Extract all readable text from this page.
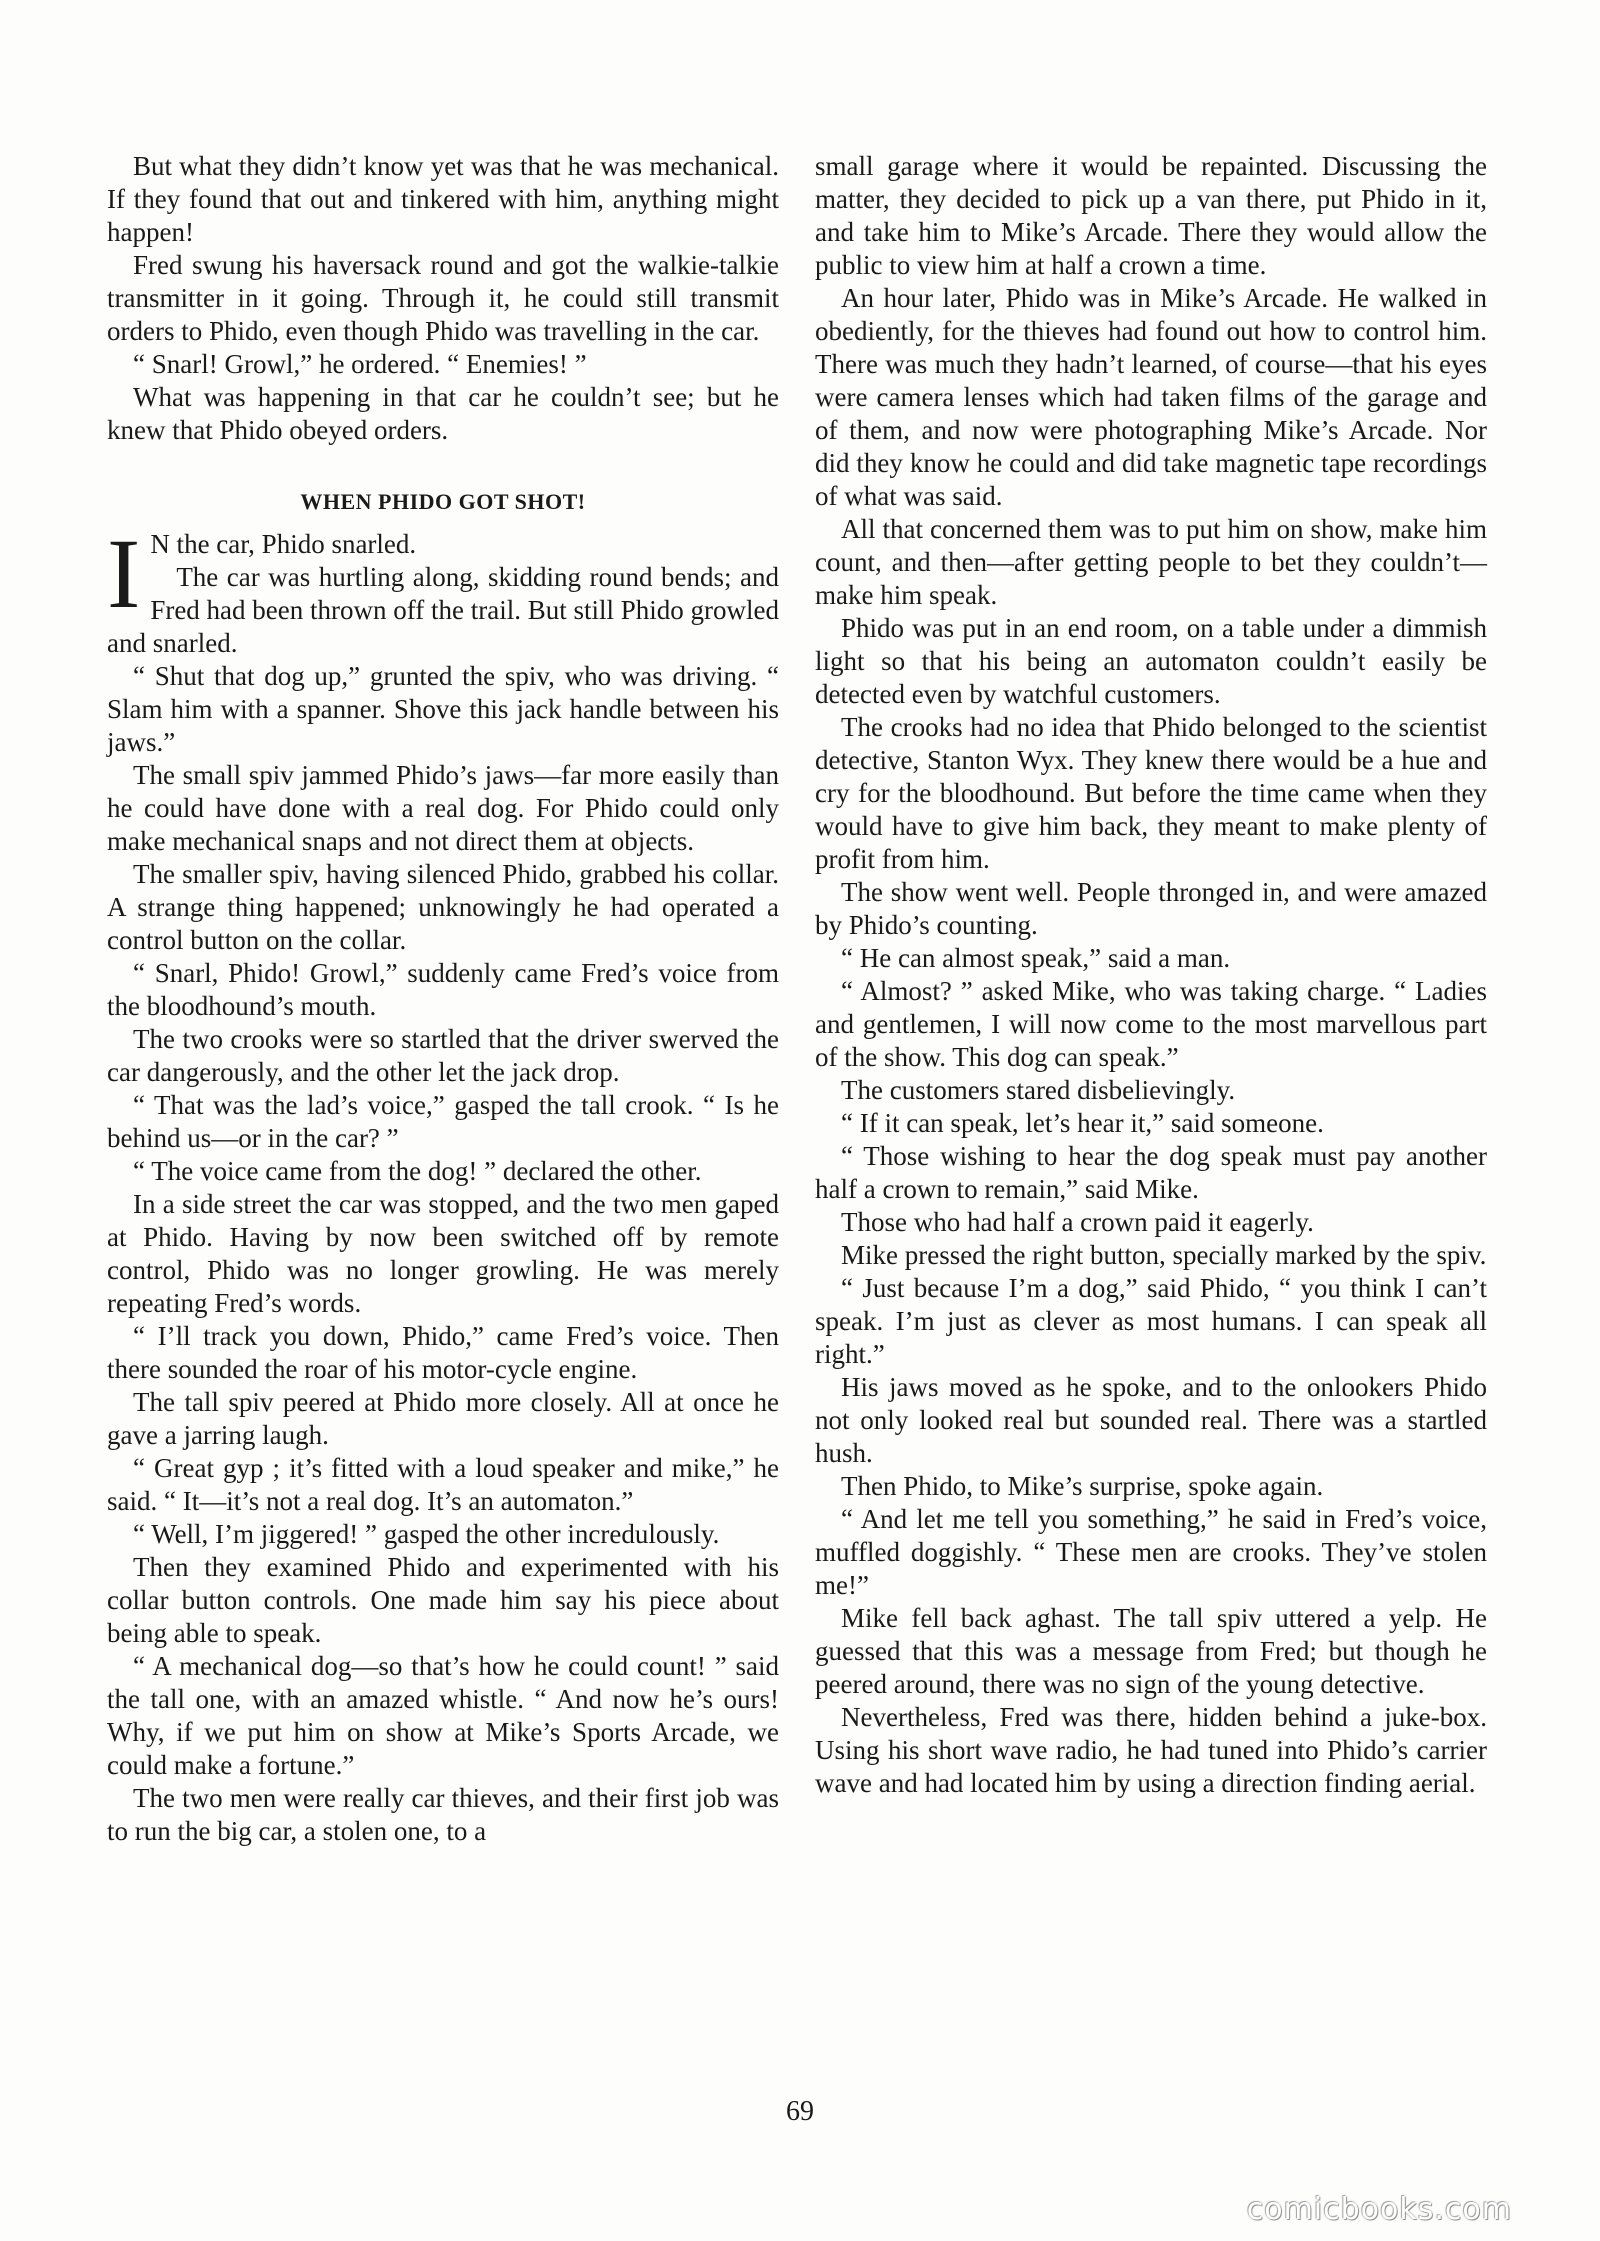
But what they didn’t know yet was that he was mechanical. If they found that out and tinkered with him, anything might happen!

Fred swung his haversack round and got the walkie-talkie transmitter in it going. Through it, he could still transmit orders to Phido, even though Phido was travelling in the car.

“ Snarl! Growl,” he ordered. “ Enemies! ”

What was happening in that car he couldn’t see; but he knew that Phido obeyed orders.

WHEN PHIDO GOT SHOT!

I N the car, Phido snarled.

The car was hurtling along, skidding round bends; and Fred had been thrown off the trail. But still Phido growled and snarled.

“ Shut that dog up,” grunted the spiv, who was driving. “ Slam him with a spanner. Shove this jack handle between his jaws.”

The small spiv jammed Phido’s jaws—far more easily than he could have done with a real dog. For Phido could only make mechanical snaps and not direct them at objects.

The smaller spiv, having silenced Phido, grabbed his collar. A strange thing happened; unknowingly he had operated a control button on the collar.

“ Snarl, Phido! Growl,” suddenly came Fred’s voice from the bloodhound’s mouth.

The two crooks were so startled that the driver swerved the car dangerously, and the other let the jack drop.

“ That was the lad’s voice,” gasped the tall crook. “ Is he behind us—or in the car? ”

“ The voice came from the dog! ” declared the other.

In a side street the car was stopped, and the two men gaped at Phido. Having by now been switched off by remote control, Phido was no longer growling. He was merely repeating Fred’s words.

“ I’ll track you down, Phido,” came Fred’s voice. Then there sounded the roar of his motor-cycle engine.

The tall spiv peered at Phido more closely. All at once he gave a jarring laugh.

“ Great gyp ; it’s fitted with a loud speaker and mike,” he said. “ It—it’s not a real dog. It’s an automaton.”

“ Well, I’m jiggered! ” gasped the other incredulously.

Then they examined Phido and experimented with his collar button controls. One made him say his piece about being able to speak.

“ A mechanical dog—so that’s how he could count! ” said the tall one, with an amazed whistle. “ And now he’s ours! Why, if we put him on show at Mike’s Sports Arcade, we could make a fortune.”

The two men were really car thieves, and their first job was to run the big car, a stolen one, to a

small garage where it would be repainted. Discussing the matter, they decided to pick up a van there, put Phido in it, and take him to Mike’s Arcade. There they would allow the public to view him at half a crown a time.

An hour later, Phido was in Mike’s Arcade. He walked in obediently, for the thieves had found out how to control him. There was much they hadn’t learned, of course—that his eyes were camera lenses which had taken films of the garage and of them, and now were photographing Mike’s Arcade. Nor did they know he could and did take magnetic tape recordings of what was said.

All that concerned them was to put him on show, make him count, and then—after getting people to bet they couldn’t—make him speak.

Phido was put in an end room, on a table under a dimmish light so that his being an automaton couldn’t easily be detected even by watchful customers.

The crooks had no idea that Phido belonged to the scientist detective, Stanton Wyx. They knew there would be a hue and cry for the bloodhound. But before the time came when they would have to give him back, they meant to make plenty of profit from him.

The show went well. People thronged in, and were amazed by Phido’s counting.

“ He can almost speak,” said a man.

“ Almost? ” asked Mike, who was taking charge. “ Ladies and gentlemen, I will now come to the most marvellous part of the show. This dog can speak.”

The customers stared disbelievingly.

“ If it can speak, let’s hear it,” said someone.

“ Those wishing to hear the dog speak must pay another half a crown to remain,” said Mike.

Those who had half a crown paid it eagerly.

Mike pressed the right button, specially marked by the spiv.

“ Just because I’m a dog,” said Phido, “ you think I can’t speak. I’m just as clever as most humans. I can speak all right.”

His jaws moved as he spoke, and to the onlookers Phido not only looked real but sounded real. There was a startled hush.

Then Phido, to Mike’s surprise, spoke again.

“ And let me tell you something,” he said in Fred’s voice, muffled doggishly. “ These men are crooks. They’ve stolen me!”

Mike fell back aghast. The tall spiv uttered a yelp. He guessed that this was a message from Fred; but though he peered around, there was no sign of the young detective.

Nevertheless, Fred was there, hidden behind a juke-box. Using his short wave radio, he had tuned into Phido’s carrier wave and had located him by using a direction finding aerial.

69
comicbooks.com
